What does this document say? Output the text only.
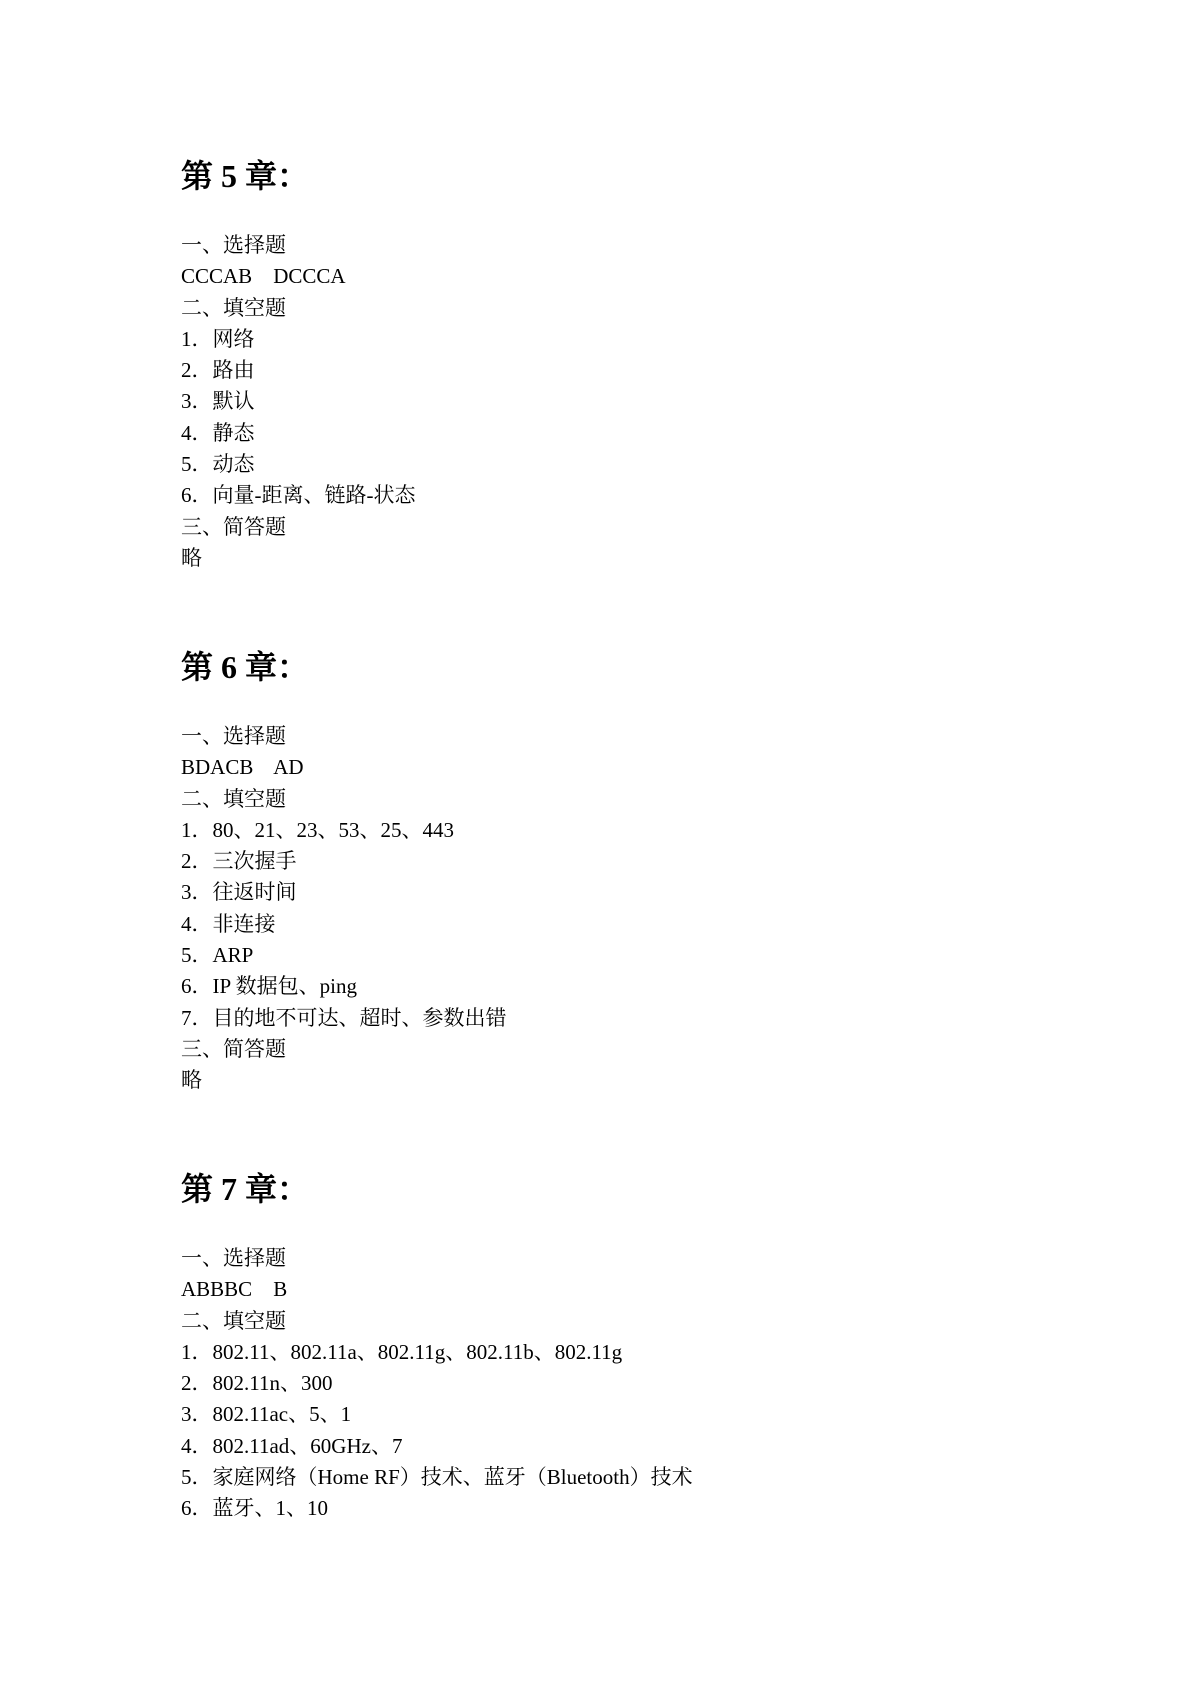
第 5 章：
一、选择题
CCCAB    DCCCA
二、填空题
1．网络
2．路由
3．默认
4．静态
5．动态
6．向量-距离、链路-状态
三、简答题
略
第 6 章：
一、选择题
BDACB    AD
二、填空题
1．80、21、23、53、25、443
2．三次握手
3．往返时间
4．非连接
5．ARP
6．IP 数据包、ping
7．目的地不可达、超时、参数出错
三、简答题
略
第 7 章：
一、选择题
ABBBC    B
二、填空题
1．802.11、802.11a、802.11g、802.11b、802.11g
2．802.11n、300
3．802.11ac、5、1
4．802.11ad、60GHz、7
5．家庭网络（Home RF）技术、蓝牙（Bluetooth）技术
6．蓝牙、1、10
